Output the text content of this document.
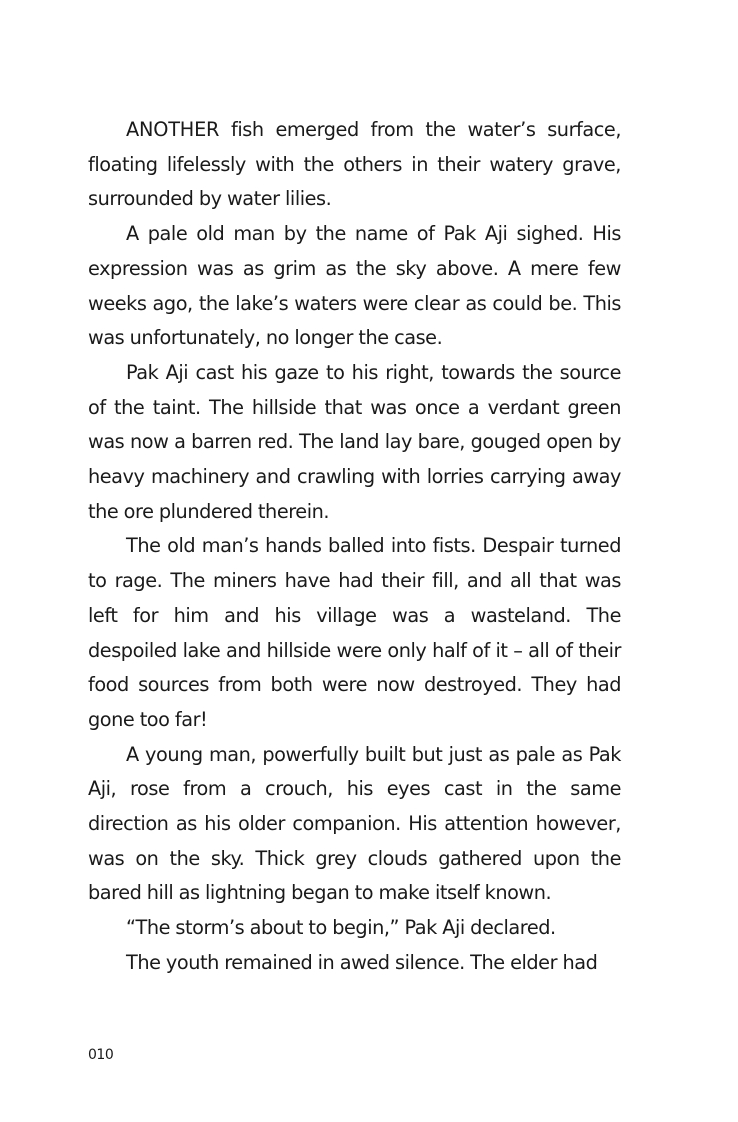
ANOTHER fish emerged from the water’s surface, floating lifelessly with the others in their watery grave, surrounded by water lilies.

A pale old man by the name of Pak Aji sighed. His expression was as grim as the sky above. A mere few weeks ago, the lake’s waters were clear as could be. This was unfortunately, no longer the case.

Pak Aji cast his gaze to his right, towards the source of the taint. The hillside that was once a verdant green was now a barren red. The land lay bare, gouged open by heavy machinery and crawling with lorries carrying away the ore plundered therein.

The old man’s hands balled into fists. Despair turned to rage. The miners have had their fill, and all that was left for him and his village was a wasteland. The despoiled lake and hillside were only half of it – all of their food sources from both were now destroyed. They had gone too far!

A young man, powerfully built but just as pale as Pak Aji, rose from a crouch, his eyes cast in the same direction as his older companion. His attention however, was on the sky. Thick grey clouds gathered upon the bared hill as lightning began to make itself known.

“The storm’s about to begin,” Pak Aji declared.

The youth remained in awed silence. The elder had

010
